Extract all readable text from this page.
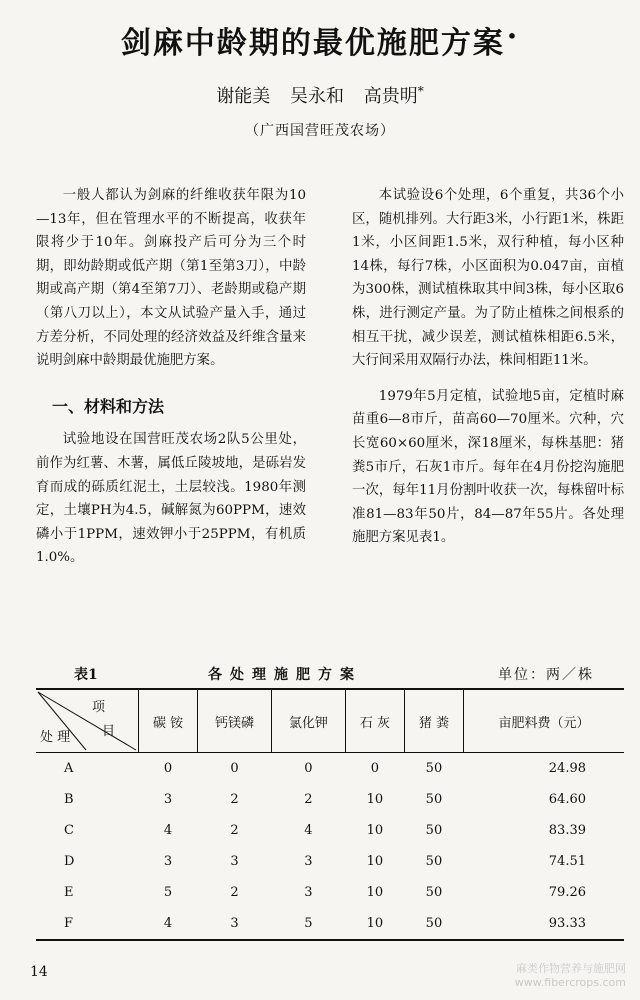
剑麻中龄期的最优施肥方案 •
谢能美 吴永和 高贵明*
（广西国营旺茂农场）

一般人都认为剑麻的纤维收获年限为10—13年，但在管理水平的不断提高，收获年限将少于10年。剑麻投产后可分为三个时期，即幼龄期或低产期（第1至第3刀），中龄期或高产期（第4至第7刀）、老龄期或稳产期（第八刀以上），本文从试验产量入手，通过方差分析，不同处理的经济效益及纤维含量来说明剑麻中龄期最优施肥方案。

一、材料和方法

试验地设在国营旺茂农场2队5公里处，前作为红薯、木薯，属低丘陵坡地，是砾岩发育而成的砾质红泥土，土层较浅。1980年测定，土壤PH为4.5，碱解氮为60PPM，速效磷小于1PPM，速效钾小于25PPM，有机质1.0%。

本试验设6个处理，6个重复，共36个小区，随机排列。大行距3米，小行距1米，株距1米，小区间距1.5米，双行种植，每小区种14株，每行7株，小区面积为0.047亩，亩植为300株，测试植株取其中间3株，每小区取6株，进行测定产量。为了防止植株之间根系的相互干扰，减少误差，测试植株相距6.5米，大行间采用双隔行办法，株间相距11米。

1979年5月定植，试验地5亩，定植时麻苗重6—8市斤，苗高60—70厘米。穴种，穴长宽60×60厘米，深18厘米，每株基肥：猪粪5市斤，石灰1市斤。每年在4月份挖沟施肥一次，每年11月份割叶收获一次，每株留叶标准81—83年50片，84—87年55片。各处理施肥方案见表1。

表1	各处理施肥方案	单位：两／株
项
目
处 理	碳 铵	钙镁磷	氯化钾	石 灰	猪 粪	亩肥料费（元）
A	0	0	0	0	50	24.98
B	3	2	2	10	50	64.60
C	4	2	4	10	50	83.39
D	3	3	3	10	50	74.51
E	5	2	3	10	50	79.26
F	4	3	5	10	50	93.33
14	麻类作物营养与施肥网
www.fibercrops.com
